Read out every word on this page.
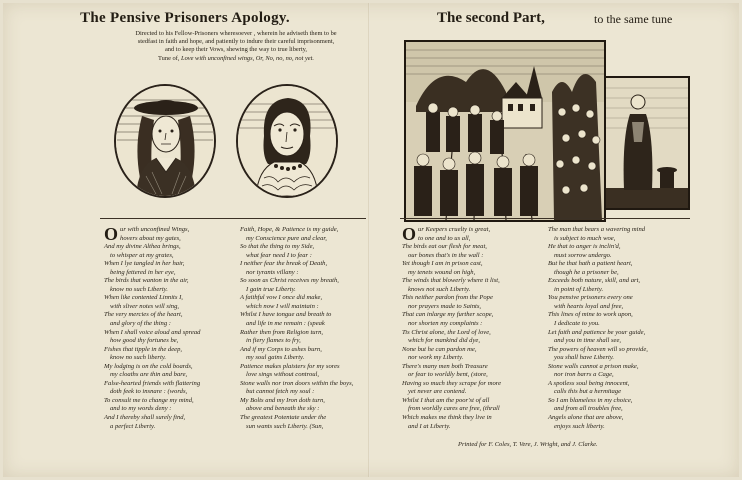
The Pensive Prisoners Apology.
Directed to his Fellow-Prisoners wheresoever , wherein he adviseth them to be
stedfast in faith and hope, and patiently to indure their careful imprisonment,
and to keep their Vows, shewing the way to true liberty,
Tune of, Love with unconfined wings, Or, No, no, no, not yet.
The second Part,	to the same tune
O ur with unconfined Wings,

hovers about my gates,

And my divine Althea brings,

to whisper at my grates,

When I lye tangled in her hair,

being fettered in her eye,

The birds that wanton in the air,

know no such Liberty.

When like contented Linnits I,

with sliver notes will sing,

The very mercies of the heart,

and glory of the thing :

When I shall voice aloud and spread

how good thy fortunes be,

Fishes that tipple in the deep,

know no such liberty.

My lodging is on the cold boards,

my cloaths are thin and bare,

False-hearted friends with flattering

doth feek to insnare : (words,

To consult me to change my mind,

and to my words deny :

And I thereby shall surely find,

a perfect Liberty.

Faith, Hope, & Patience is my guide,

my Conscience pure and clear,

So that the thing to my Side,

what fear need I to fear :

I neither fear the break of Death,

nor tyrants villany :

So soon as Christ receives my breath,

I gain true Liberty.

A faithful vow I once did make,

which now I will maintain :

Whilst I have tongue and breath to

and life in me remain : (speak

Rather then from Religion turn,

in fiery flames to fry,

And if my Corps to ashes burn,

my soul gains Liberty.

Patience makes plaisters for my sores

love sings without controul,

Stone walls nor iron doors within the boys,

but cannot fetch my soul :

My Bolts and my Iron doth turn,

above and beneath the sky :

The greatest Potentate under the

sun wants such Liberty. (Sun,

O ur Keepers cruelty is great,

to one and to us all,

The birds eat our flesh for meat,

our bones that's in the wall :

Yet though I am in prison cast,

my tenets wound on high,

The winds that blowerly where it list,

knows not such Liberty.

This neither pardon from the Pope

nor prayers made to Saints,

That can inlarge my further scope,

nor shorten my complaints :

Tis Christ alone, the Lord of love,

which for mankind did dye,

None but he can pardon me,

nor work my Liberty.

There's many men both Treasure

or fear to worldly bent, (store,

Having so much they scrape for more

yet never are contend.

Whilst I that am the poor'st of all

from worldly cares are free, (thrall

Which makes me think they live in

and I at Liberty.

The man that bears a wavering mind

is subject to much woe,

He that to anger is inclin'd,

must sorrow undergo.

But he that hath a patient heart,

though he a prisoner be,

Exceeds both nature, skill, and art,

in point of Liberty.

You pensive prisoners every one

with hearts loyal and free,

This lines of mine to work upon,

I dedicate to you.

Let faith and patience be your guide,

and you in time shall see,

The powers of heaven will so provide,

you shall have Liberty.

Stone walls cannot a prison make,

nor iron barrs a Cage,

A spotless soul being innocent,

calls this but a hermitage

So I am blameless in my choice,

and from all troubles free,

Angels alone that are above,

enjoys such liberty.

Printed for F. Coles, T. Vere, J. Wright, and J. Clarke.
